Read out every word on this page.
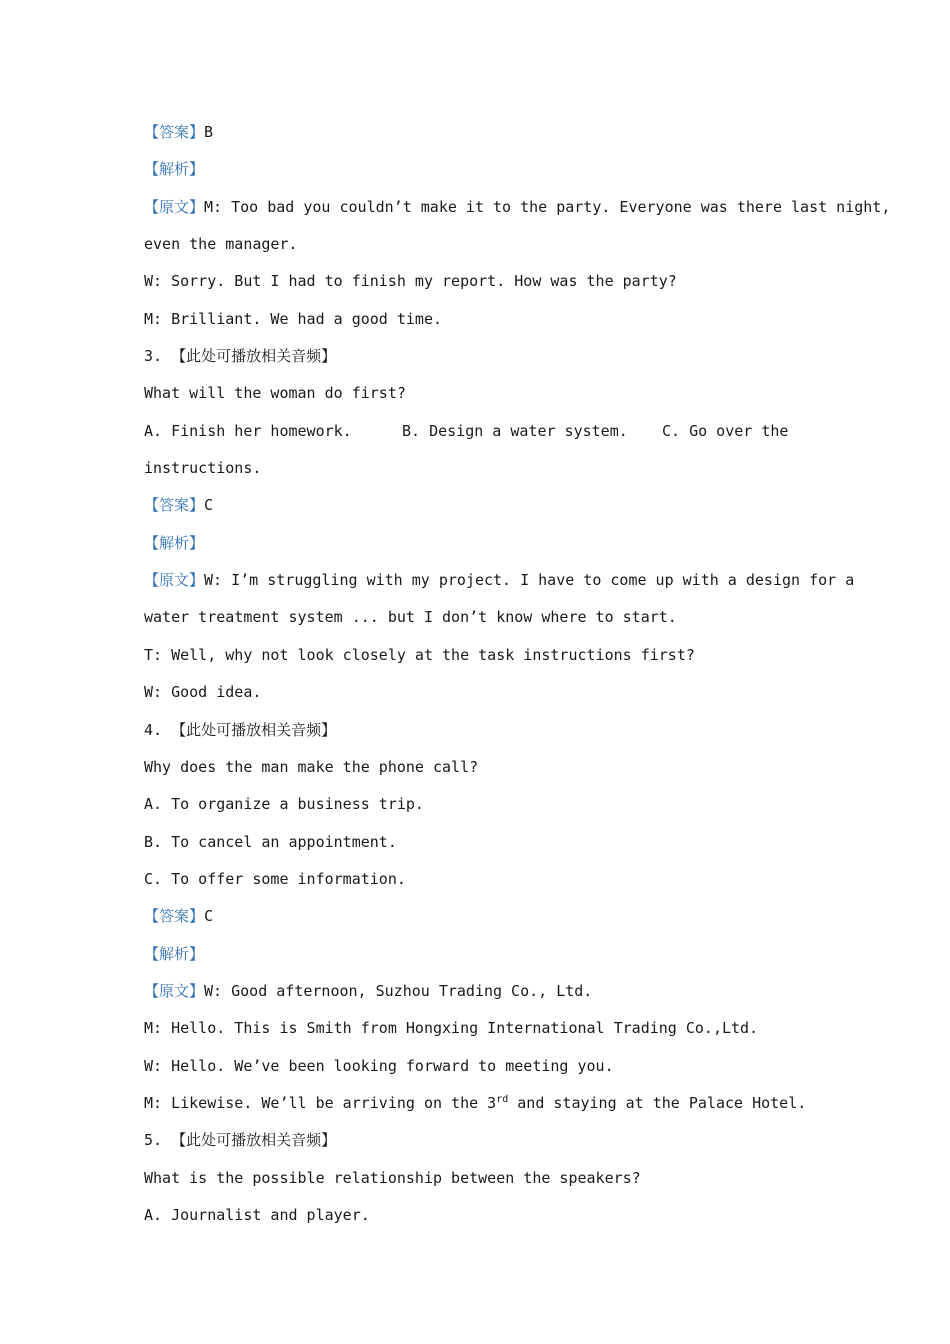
【答案】B
【解析】
【原文】M: Too bad you couldn’t make it to the party. Everyone was there last night,
even the manager.
W: Sorry. But I had to finish my report. How was the party?
M: Brilliant. We had a good time.
3. 【此处可播放相关音频】
What will the woman do first?
A. Finish her homework.	B. Design a water system.	C. Go over the
instructions.
【答案】C
【解析】
【原文】W: I’m struggling with my project. I have to come up with a design for a
water treatment system ... but I don’t know where to start.
T: Well, why not look closely at the task instructions first?
W: Good idea.
4. 【此处可播放相关音频】
Why does the man make the phone call?
A. To organize a business trip.
B. To cancel an appointment.
C. To offer some information.
【答案】C
【解析】
【原文】W: Good afternoon, Suzhou Trading Co., Ltd.
M: Hello. This is Smith from Hongxing International Trading Co.,Ltd.
W: Hello. We’ve been looking forward to meeting you.
M: Likewise. We’ll be arriving on the 3rd and staying at the Palace Hotel.
5. 【此处可播放相关音频】
What is the possible relationship between the speakers?
A. Journalist and player.
